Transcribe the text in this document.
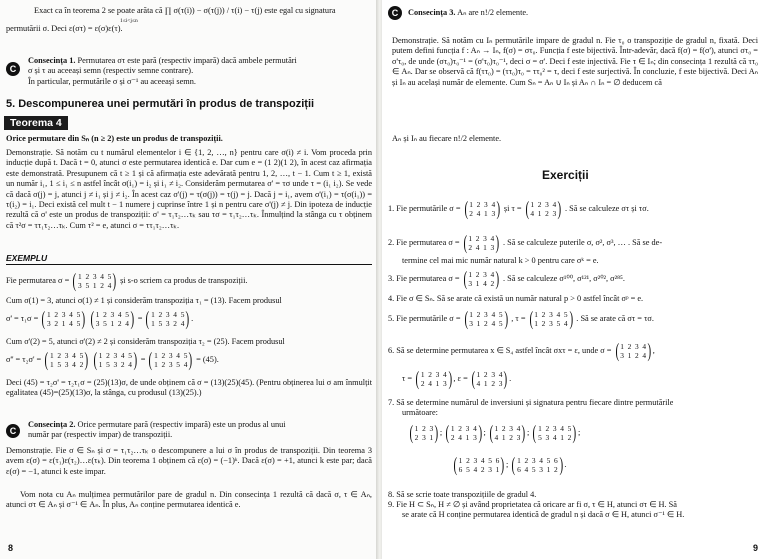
Exact ca în teorema 2 se poate arăta că ∏ σ(τ(i)) − σ(τ(j)) / τ(i) − τ(j) este egal cu signatura
1≤i<j≤n
permutării σ. Deci ε(στ) = ε(σ)ε(τ).
C
Consecința 1. Permutarea στ este pară (respectiv impară) dacă ambele permutări
σ și τ au aceeași semn (respectiv semne contrare).
În particular, permutările σ și σ⁻¹ au aceeași semn.
5. Descompunerea unei permutări în produs de transpoziții
Teorema 4
Orice permutare din Sₙ (n ≥ 2) este un produs de transpoziții.
Demonstrație. Să notăm cu t numărul elementelor i ∈ {1, 2, …, n} pentru care σ(i) ≠ i. Vom proceda prin inducție după t. Dacă t = 0, atunci σ este permutarea identică e. Dar cum e = (1 2)(1 2), în acest caz afirmația este demonstrată. Presupunem că t ≥ 1 și că afirmația este adevărată pentru 1, 2, …, t − 1. Cum t ≥ 1, există un număr i₁, 1 ≤ i₁ ≤ n astfel încât σ(i₁) = i₂ și i₁ ≠ i₂. Considerăm permutarea σ' = τσ unde τ = (i₁ i₂). Se vede că dacă σ(j) = j, atunci j ≠ i₁ și j ≠ i₂. În acest caz σ'(j) = τ(σ(j)) = τ(j) = j. Dacă j = i₁, avem σ'(i₁) = τ(σ(i₁)) = τ(i₂) = i₁. Deci există cel mult t − 1 numere j cuprinse între 1 și n pentru care σ'(j) ≠ j. Din ipoteza de inducție rezultă că σ' este un produs de transpoziții: σ' = τ₁τ₂…τₖ sau τσ = τ₁τ₂…τₖ. Înmulțind la stânga cu τ obținem că τ²σ = ττ₁τ₂…τₖ. Cum τ² = e, atunci σ = ττ₁τ₂…τₖ.
EXEMPLU
Fie permutarea σ = ( 1  2  3  4  5
3  5  1  2  4) și s-o scriem ca produs de transpoziții.
Cum σ(1) = 3, atunci σ(1) ≠ 1 și considerăm transpoziția τ₁ = (13). Facem produsul
σ' = τ₁σ = ( 1  2  3  4  5
3  2  1  4  5) ( 1  2  3  4  5
3  5  1  2  4) = ( 1  2  3  4  5
1  5  3  2  4) .
Cum σ'(2) = 5, atunci σ'(2) ≠ 2 și considerăm transpoziția τ₂ = (25). Facem produsul
σ'' = τ₂σ' = ( 1  2  3  4  5
1  5  3  4  2) ( 1  2  3  4  5
1  5  3  2  4) = ( 1  2  3  4  5
1  2  3  5  4) = (45).
Deci (45) = τ₂σ' = τ₂τ₁σ = (25)(13)σ, de unde obținem că σ = (13)(25)(45). (Pentru obținerea lui σ am înmulțit egalitatea (45)=(25)(13)σ, la stânga, cu produsul (13)(25).)
C
Consecința 2. Orice permutare pară (respectiv impară) este un produs al unui
număr par (respectiv impar) de transpoziții.
Demonstrație. Fie σ ∈ Sₙ și σ = τ₁τ₂…τₖ o descompunere a lui σ în produs de transpoziții. Din teorema 3 avem ε(σ) = ε(τ₁)ε(τ₂)…ε(τₖ). Din teorema 1 obținem că ε(σ) = (−1)ᵏ. Dacă ε(σ) = +1, atunci k este par; dacă ε(σ) = −1, atunci k este impar.
Vom nota cu Aₙ mulțimea permutărilor pare de gradul n. Din consecința 1 rezultă că dacă σ, τ ∈ Aₙ, atunci στ ∈ Aₙ și σ⁻¹ ∈ Aₙ. În plus, Aₙ conține permutarea identică e.
8
C	Consecința 3. Aₙ are n!/2 elemente.
Demonstrație. Să notăm cu Iₙ permutările impare de gradul n. Fie τ₀ o transpoziție de gradul n, fixată. Deci putem defini funcția f : Aₙ → Iₙ, f(σ) = στ₀. Funcția f este bijectivă. Într-adevăr, dacă f(σ) = f(σ'), atunci στ₀ = σ'τ₀, de unde (στ₀)τ₀⁻¹ = (σ'τ₀)τ₀⁻¹, deci σ = σ'. Deci f este injectivă. Fie τ ∈ Iₙ; din consecința 1 rezultă că ττ₀ ∈ Aₙ. Dar se observă că f(ττ₀) = (ττ₀)τ₀ = ττ₀² = τ, deci f este surjectivă. În concluzie, f este bijectivă. Deci Aₙ și Iₙ au același număr de elemente. Cum Sₙ = Aₙ ∪ Iₙ și Aₙ ∩ Iₙ = ∅ deducem că
Aₙ și Iₙ au fiecare n!/2 elemente.
Exerciții
1. Fie permutările σ = ( 1  2  3  4
2  4  1  3) și τ = ( 1  2  3  4
4  1  2  3) . Să se calculeze στ și τσ.
2. Fie permutarea σ = ( 1  2  3  4
2  4  1  3) . Să se calculeze puterile σ, σ², σ³, … . Să se de-
termine cel mai mic număr natural k > 0 pentru care σᵏ = e.
3. Fie permutarea σ = ( 1  2  3  4
3  1  4  2) . Să se calculeze σ¹⁰⁰, σ¹²¹, σ²⁰², σ²⁸⁵.
4. Fie σ ∈ Sₙ. Să se arate că există un număr natural p > 0 astfel încât σᵖ = e.
5. Fie permutările σ = ( 1  2  3  4  5
3  1  2  4  5) , τ = ( 1  2  3  4  5
1  2  3  5  4) . Să se arate că στ = τσ.
6. Să se determine permutarea x ∈ S₄ astfel încât σxτ = ε, unde σ = ( 1  2  3  4
3  1  2  4) ,
τ = ( 1  2  3  4
2  4  1  3) , ε = ( 1  2  3  4
4  1  2  3) .
7. Să se determine numărul de inversiuni și signatura pentru fiecare dintre permutările
următoare:
( 1  2  3
2  3  1) ; ( 1  2  3  4
2  4  1  3) ; ( 1  2  3  4
4  1  2  3) ; ( 1  2  3  4  5
5  3  4  1  2) ;
( 1  2  3  4  5  6
6  5  4  2  3  1) ; ( 1  2  3  4  5  6
6  4  5  3  1  2) .
8. Să se scrie toate transpozițiile de gradul 4.
9. Fie H ⊂ Sₙ, H ≠ ∅ și având proprietatea că oricare ar fi σ, τ ∈ H, atunci στ ∈ H. Să
se arate că H conține permutarea identică de gradul n și dacă σ ∈ H, atunci σ⁻¹ ∈ H.
9
